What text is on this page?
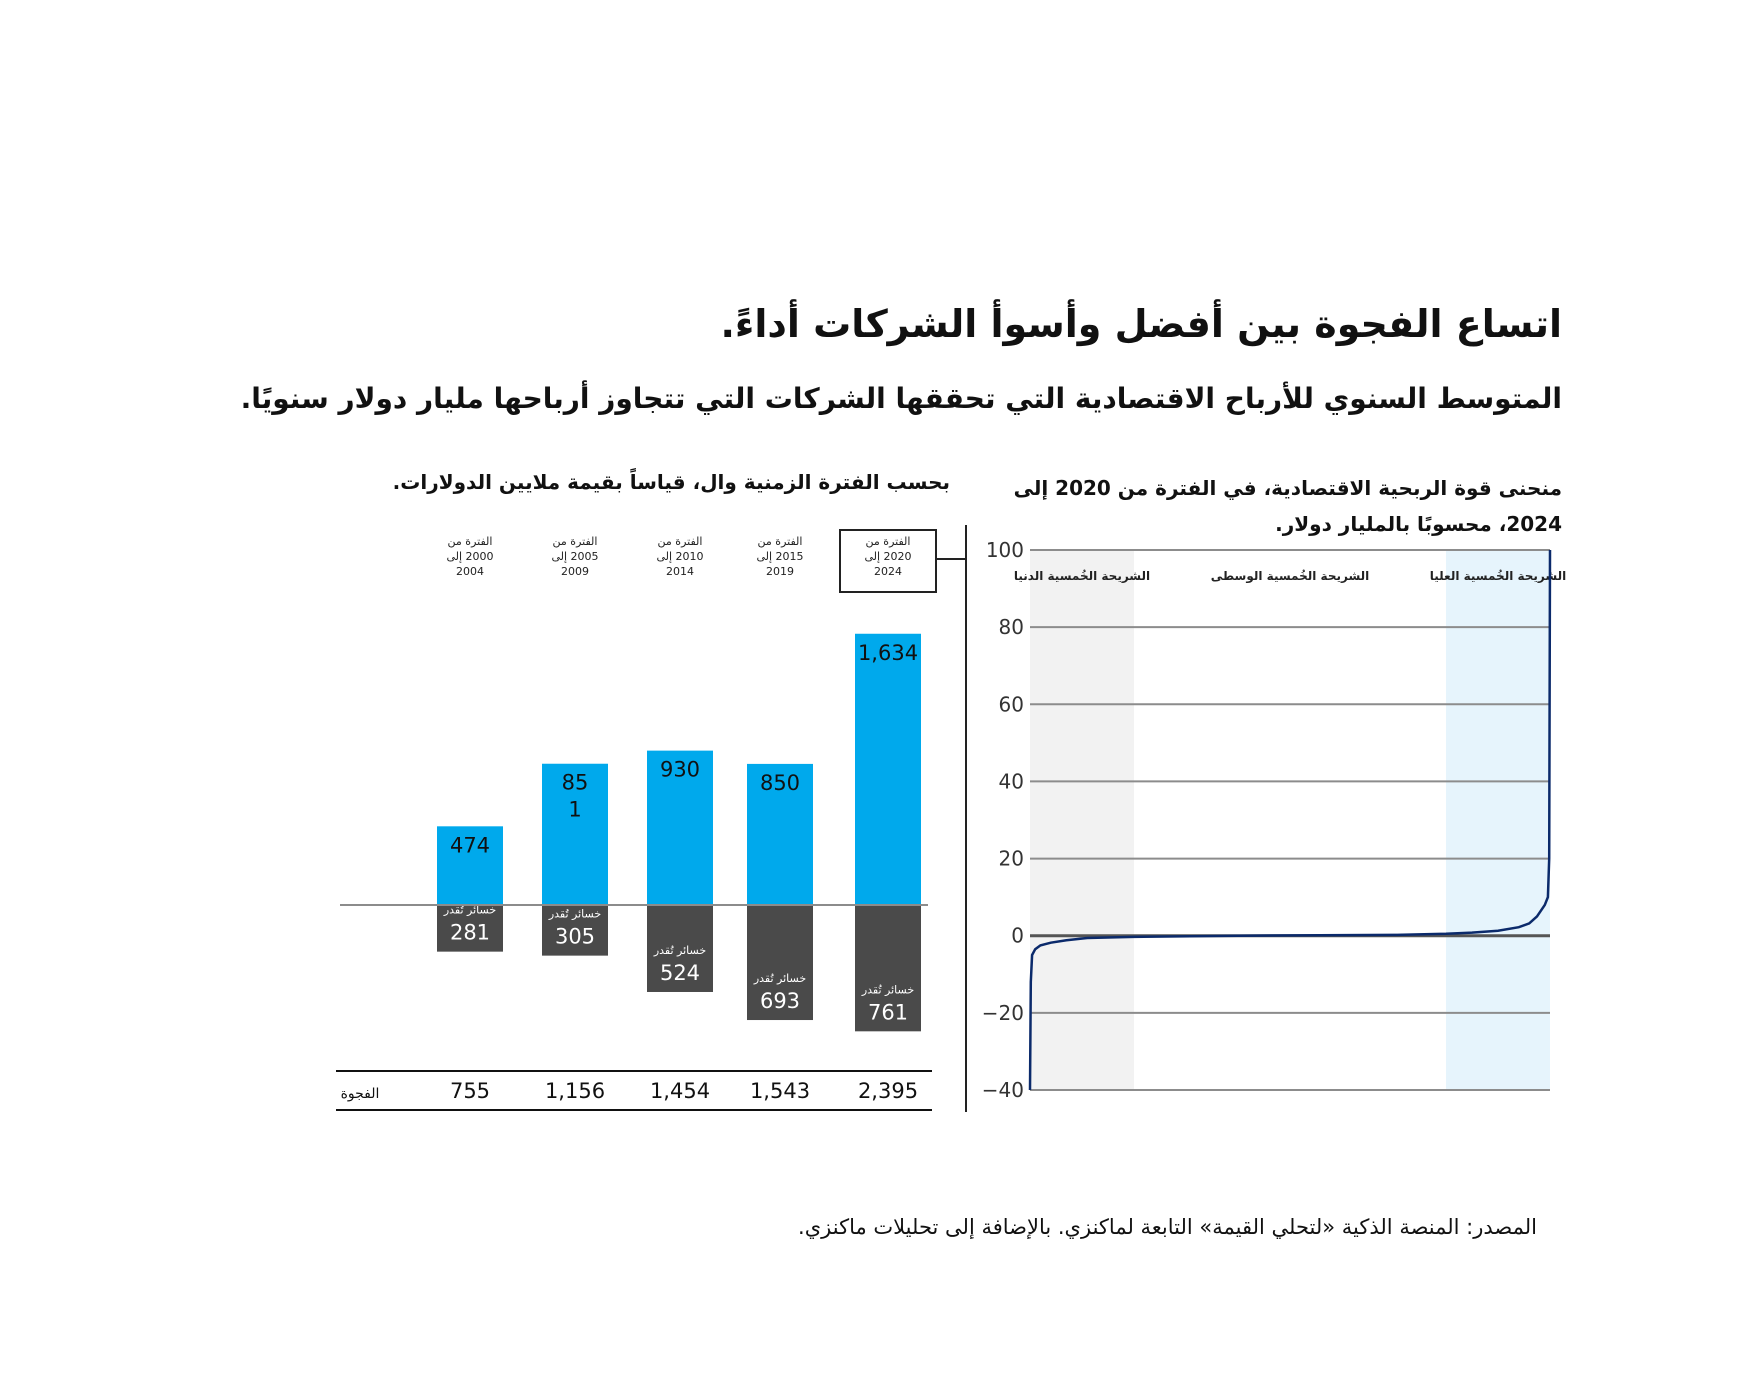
اتساع الفجوة بين أفضل وأسوأ الشركات أداءً.
المتوسط السنوي للأرباح الاقتصادية التي تحققها الشركات التي تتجاوز أرباحها مليار دولار سنويًا.
منحنى قوة الربحية الاقتصادية، في الفترة من 2020 إلى 2024، محسوبًا بالمليار دولار.
بحسب الفترة الزمنية وال، قياساً بقيمة ملايين الدولارات.
100
80
60
40
20
0
−20
−40
الشريحة الخُمسية الدنيا	الشريحة الخُمسية الوسطى	الشريحة الخُمسية العليا
الفترة من
2000 إلى
2004
474
خسائر تُقدر
281
755
الفترة من
2005 إلى
2009
85
1
خسائر تُقدر
305
1,156
الفترة من
2010 إلى
2014
930
خسائر تُقدر
524
1,454
الفترة من
2015 إلى
2019
850
خسائر تُقدر
693
1,543
الفترة من
2020 إلى
2024
1,634
خسائر تُقدر
761
2,395
الفجوة
المصدر: المنصة الذكية «لتحلي القيمة» التابعة لماكنزي. بالإضافة إلى تحليلات ماكنزي.
